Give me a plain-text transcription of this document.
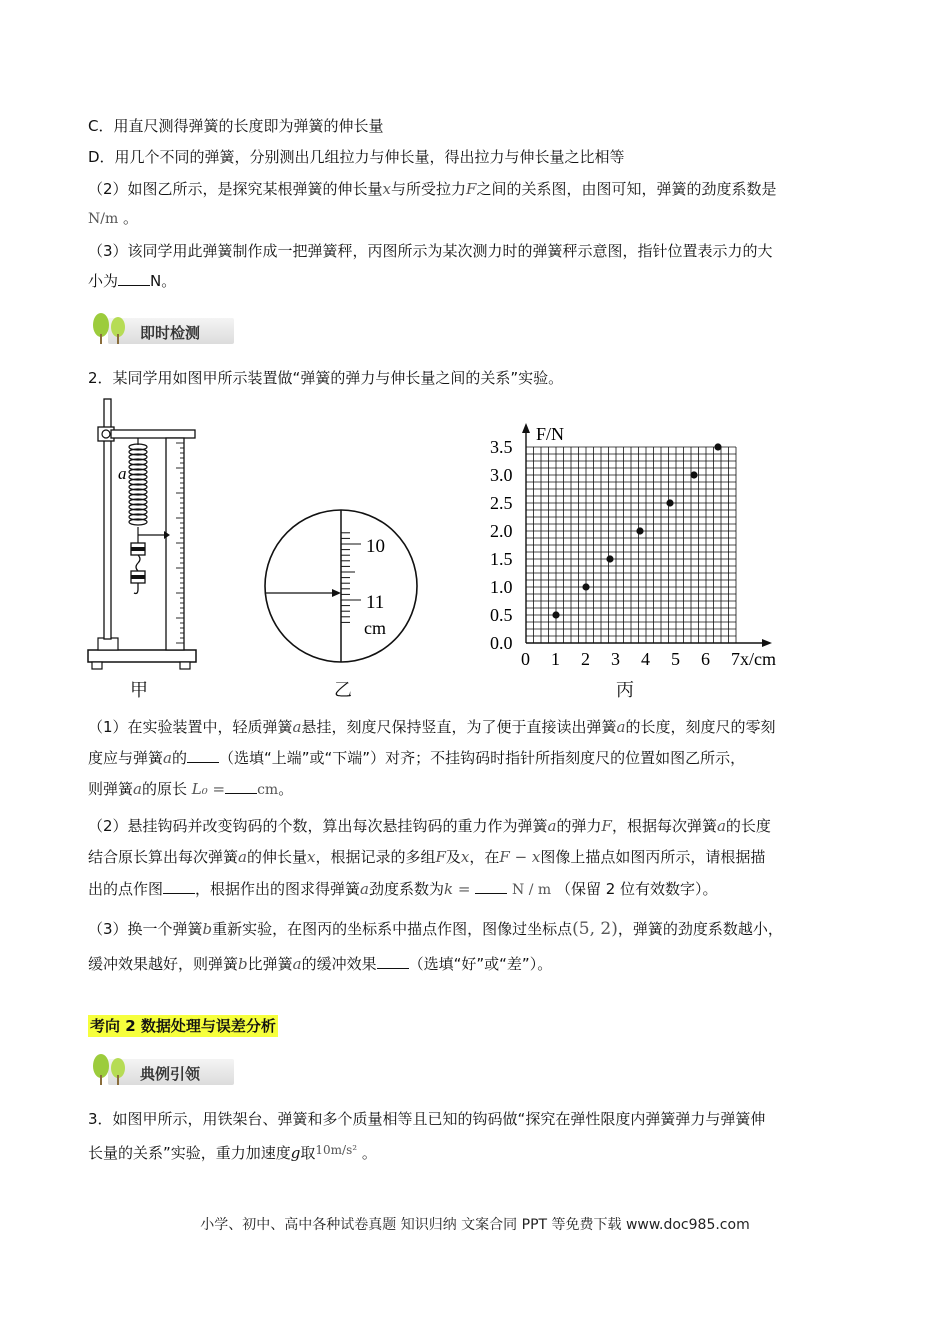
C．用直尺测得弹簧的长度即为弹簧的伸长量
D．用几个不同的弹簧，分别测出几组拉力与伸长量，得出拉力与伸长量之比相等
（2）如图乙所示，是探究某根弹簧的伸长量x与所受拉力F之间的关系图，由图可知，弹簧的劲度系数是
N/m 。
（3）该同学用此弹簧制作成一把弹簧秤，丙图所示为某次测力时的弹簧秤示意图，指针位置表示力的大
小为 N。
即时检测
2．某同学用如图甲所示装置做“弹簧的弹力与伸长量之间的关系”实验。
a
甲
10
11
cm
乙
0 1 2 3 4 5 6 7
0.0
0.5
1.0
1.5
2.0
2.5
3.0
3.5
F/N
x/cm
丙
（1）在实验装置中，轻质弹簧a悬挂，刻度尺保持竖直，为了便于直接读出弹簧a的长度，刻度尺的零刻
度应与弹簧a的 （选填“上端”或“下端”）对齐；不挂钩码时指针所指刻度尺的位置如图乙所示，
则弹簧a的原长 L₀ = cm。
（2）悬挂钩码并改变钩码的个数，算出每次悬挂钩码的重力作为弹簧a的弹力F，根据每次弹簧a的长度
结合原长算出每次弹簧a的伸长量x，根据记录的多组F及x，在F − x图像上描点如图丙所示，请根据描
出的点作图 ，根据作出的图求得弹簧a劲度系数为k =	N / m （保留 2 位有效数字）。
（3）换一个弹簧b重新实验，在图丙的坐标系中描点作图，图像过坐标点(5, 2)，弹簧的劲度系数越小，
缓冲效果越好，则弹簧b比弹簧a的缓冲效果 （选填“好”或“差”）。
考向 2 数据处理与误差分析
典例引领
3．如图甲所示，用铁架台、弹簧和多个质量相等且已知的钩码做“探究在弹性限度内弹簧弹力与弹簧伸
长量的关系”实验，重力加速度g取$^{10m/s^2}$ 。
小学、初中、高中各种试卷真题 知识归纳 文案合同 PPT 等免费下载 www.doc985.com
